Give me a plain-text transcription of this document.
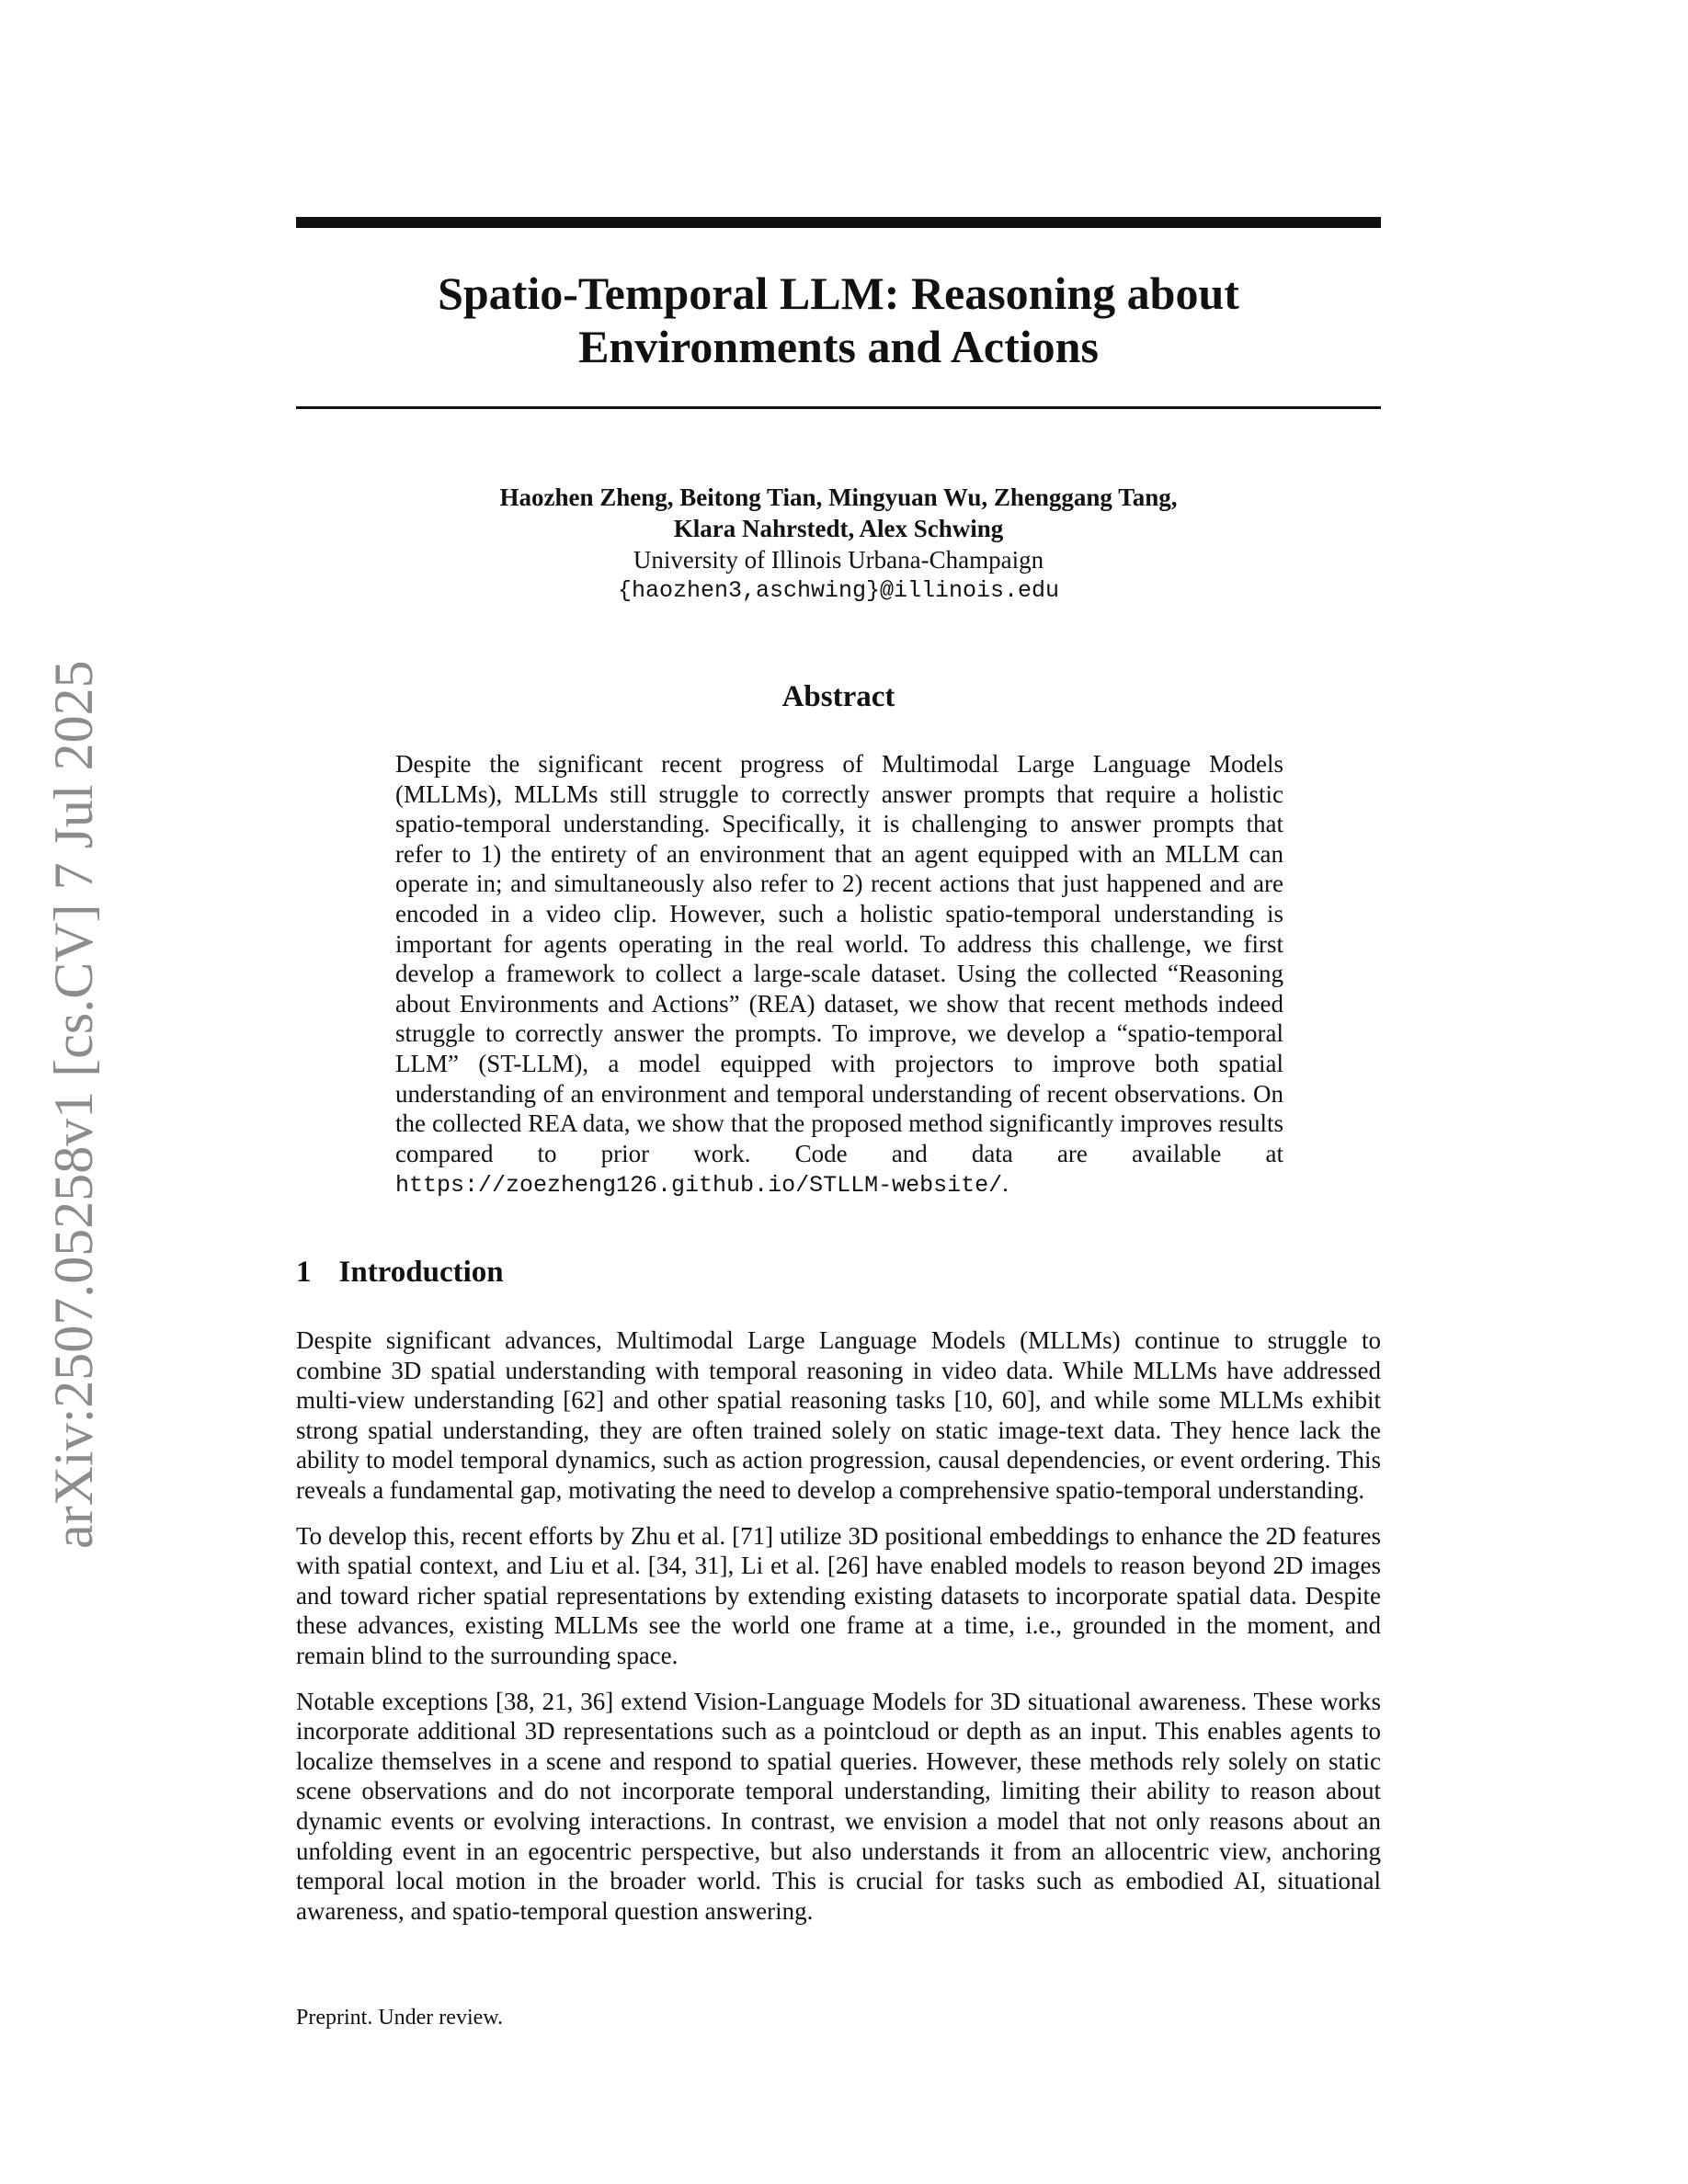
arXiv:2507.05258v1 [cs.CV] 7 Jul 2025
Spatio-Temporal LLM: Reasoning about
Environments and Actions
Haozhen Zheng, Beitong Tian, Mingyuan Wu, Zhenggang Tang,
Klara Nahrstedt, Alex Schwing
University of Illinois Urbana-Champaign
{haozhen3,aschwing}@illinois.edu
Abstract

Despite the significant recent progress of Multimodal Large Language Models (MLLMs), MLLMs still struggle to correctly answer prompts that require a holistic spatio-temporal understanding. Specifically, it is challenging to answer prompts that refer to 1) the entirety of an environment that an agent equipped with an MLLM can operate in; and simultaneously also refer to 2) recent actions that just happened and are encoded in a video clip. However, such a holistic spatio-temporal understanding is important for agents operating in the real world. To address this challenge, we first develop a framework to collect a large-scale dataset. Using the collected “Reasoning about Environments and Actions” (REA) dataset, we show that recent methods indeed struggle to correctly answer the prompts. To improve, we develop a “spatio-temporal LLM” (ST-LLM), a model equipped with projectors to improve both spatial understanding of an environment and temporal understanding of recent observations. On the collected REA data, we show that the proposed method significantly improves results compared to prior work. Code and data are available at https://zoezheng126.github.io/STLLM-website/.

1 Introduction

Despite significant advances, Multimodal Large Language Models (MLLMs) continue to struggle to combine 3D spatial understanding with temporal reasoning in video data. While MLLMs have addressed multi-view understanding [62] and other spatial reasoning tasks [10, 60], and while some MLLMs exhibit strong spatial understanding, they are often trained solely on static image-text data. They hence lack the ability to model temporal dynamics, such as action progression, causal dependencies, or event ordering. This reveals a fundamental gap, motivating the need to develop a comprehensive spatio-temporal understanding.

To develop this, recent efforts by Zhu et al. [71] utilize 3D positional embeddings to enhance the 2D features with spatial context, and Liu et al. [34, 31], Li et al. [26] have enabled models to reason beyond 2D images and toward richer spatial representations by extending existing datasets to incorporate spatial data. Despite these advances, existing MLLMs see the world one frame at a time, i.e., grounded in the moment, and remain blind to the surrounding space.

Notable exceptions [38, 21, 36] extend Vision-Language Models for 3D situational awareness. These works incorporate additional 3D representations such as a pointcloud or depth as an input. This enables agents to localize themselves in a scene and respond to spatial queries. However, these methods rely solely on static scene observations and do not incorporate temporal understanding, limiting their ability to reason about dynamic events or evolving interactions. In contrast, we envision a model that not only reasons about an unfolding event in an egocentric perspective, but also understands it from an allocentric view, anchoring temporal local motion in the broader world. This is crucial for tasks such as embodied AI, situational awareness, and spatio-temporal question answering.

Preprint. Under review.
